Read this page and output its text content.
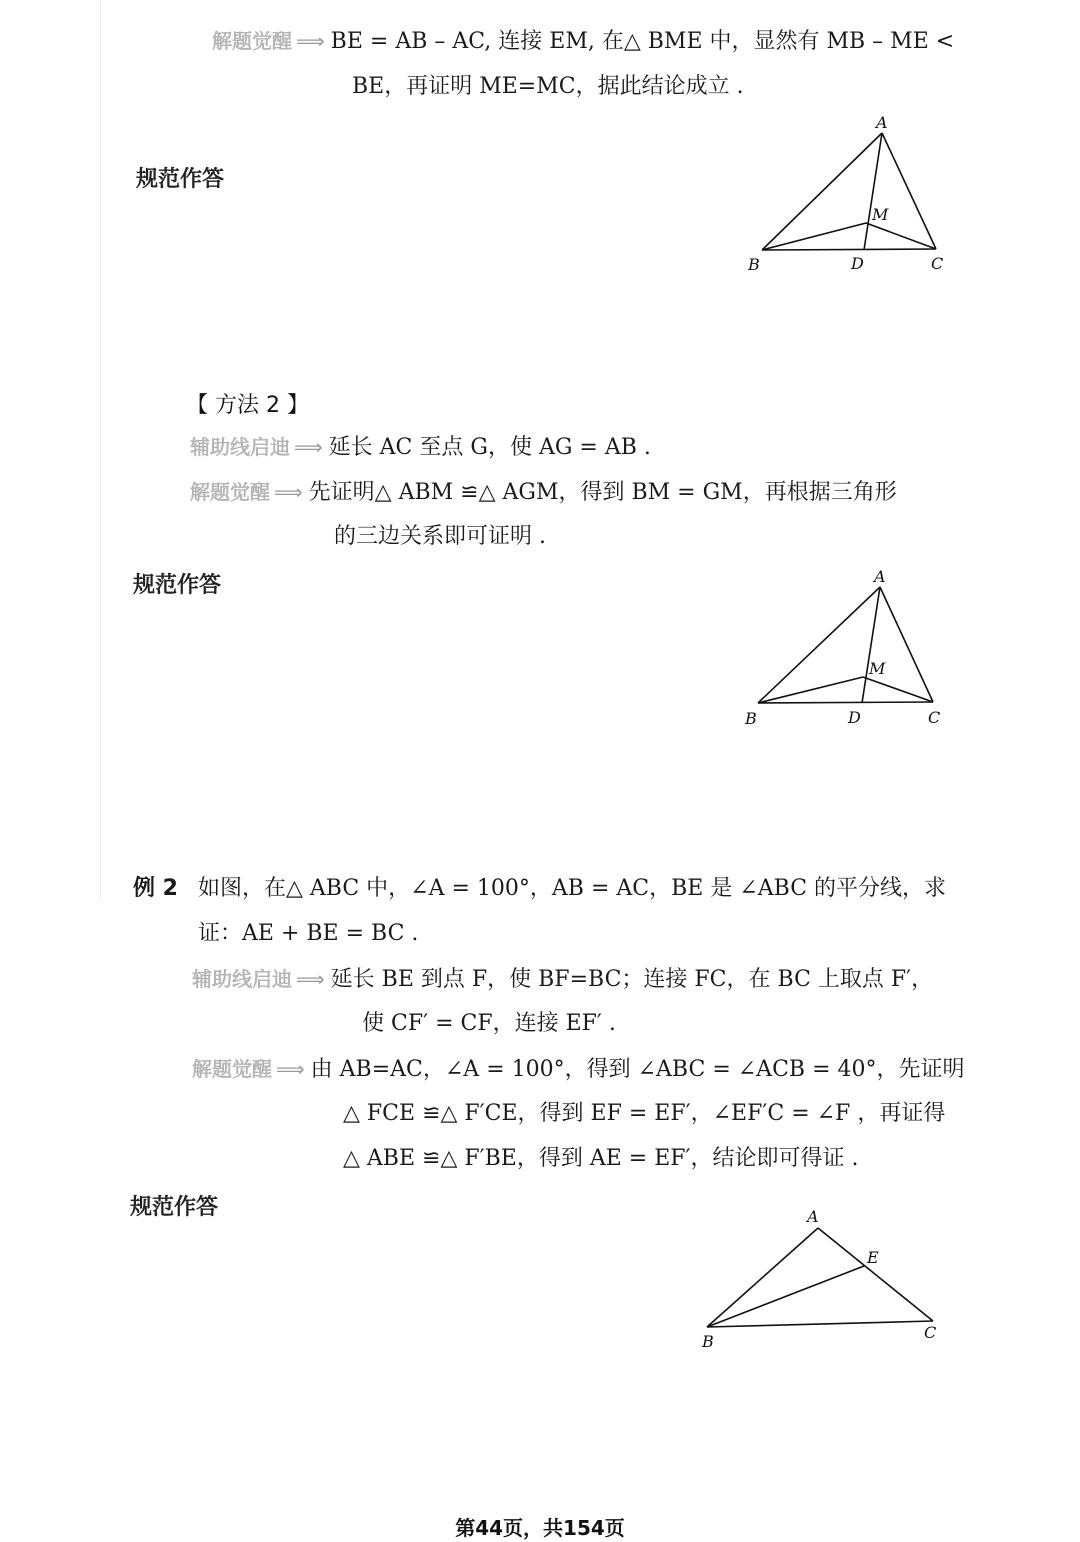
解题觉醒 ⟹ BE = AB – AC, 连接 EM, 在△ BME 中，显然有 MB – ME <
BE，再证明 ME=MC，据此结论成立 .
规范作答
A
M
B	D	C
【 方法 2 】
辅助线启迪 ⟹ 延长 AC 至点 G，使 AG = AB .
解题觉醒 ⟹ 先证明△ ABM ≌△ AGM，得到 BM = GM，再根据三角形
的三边关系即可证明 .
规范作答	A
M
B	D	C
例 2 如图，在△ ABC 中，∠A = 100°，AB = AC，BE 是 ∠ABC 的平分线，求
证：AE + BE = BC .
辅助线启迪 ⟹ 延长 BE 到点 F，使 BF=BC；连接 FC，在 BC 上取点 F′，
使 CF′ = CF，连接 EF′ .
解题觉醒 ⟹ 由 AB=AC，∠A = 100°，得到 ∠ABC = ∠ACB = 40°，先证明
△ FCE ≌△ F′CE，得到 EF = EF′，∠EF′C = ∠F ，再证得
△ ABE ≌△ F′BE，得到 AE = EF′，结论即可得证 .
规范作答	A
E
B	C
第44页，共154页
